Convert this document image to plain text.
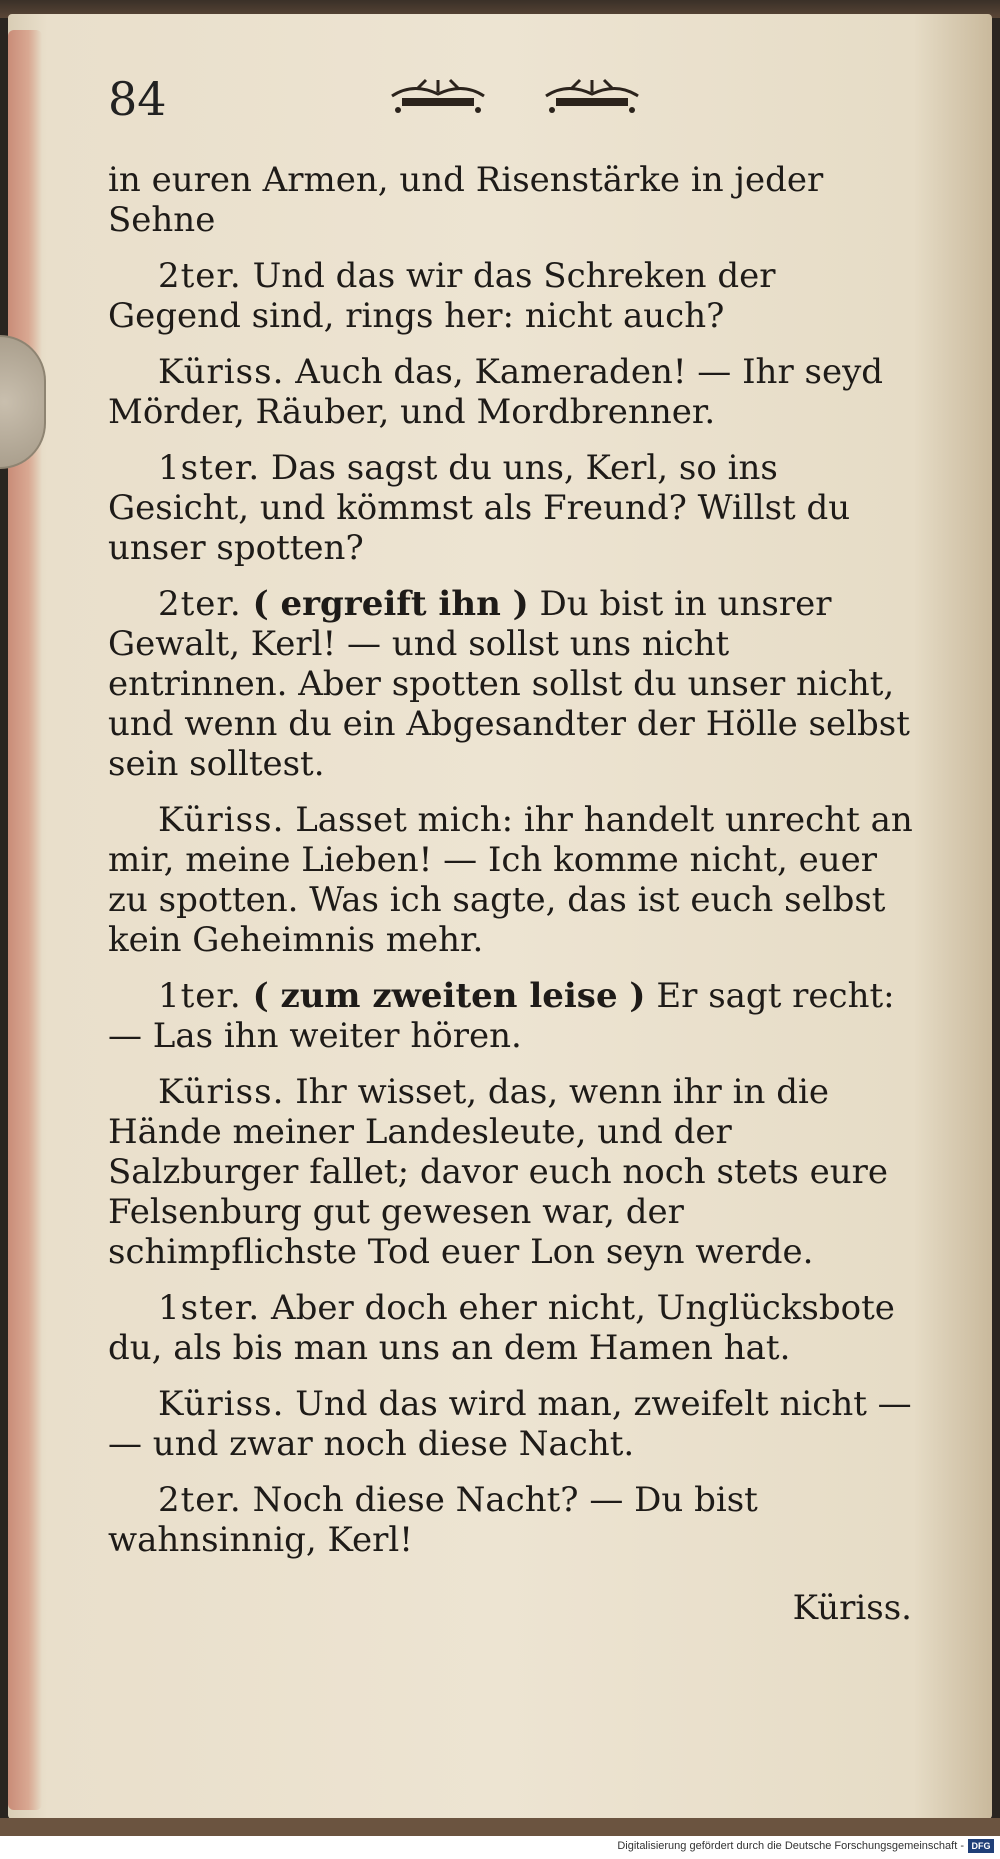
84

in euren Armen, und Risenstärke in jeder Sehne

2ter. Und das wir das Schreken der Gegend sind, rings her: nicht auch?

Küriss. Auch das, Kameraden! — Ihr seyd Mörder, Räuber, und Mordbrenner.

1ster. Das sagst du uns, Kerl, so ins Gesicht, und kömmst als Freund? Willst du unser spotten?

2ter. ( ergreift ihn ) Du bist in unsrer Gewalt, Kerl! — und sollst uns nicht entrinnen. Aber spotten sollst du unser nicht, und wenn du ein Abgesandter der Hölle selbst sein solltest.

Küriss. Lasset mich: ihr handelt unrecht an mir, meine Lieben! — Ich komme nicht, euer zu spotten. Was ich sagte, das ist euch selbst kein Geheimnis mehr.

1ter. ( zum zweiten leise ) Er sagt recht: — Las ihn weiter hören.

Küriss. Ihr wisset, das, wenn ihr in die Hände meiner Landesleute, und der Salzburger fallet; davor euch noch stets eure Felsenburg gut gewesen war, der schimpflichste Tod euer Lon seyn werde.

1ster. Aber doch eher nicht, Unglücksbote du, als bis man uns an dem Hamen hat.

Küriss. Und das wird man, zweifelt nicht — — und zwar noch diese Nacht.

2ter. Noch diese Nacht? — Du bist wahnsinnig, Kerl!

Küriss.
Digitalisierung gefördert durch die Deutsche Forschungsgemeinschaft - DFG
